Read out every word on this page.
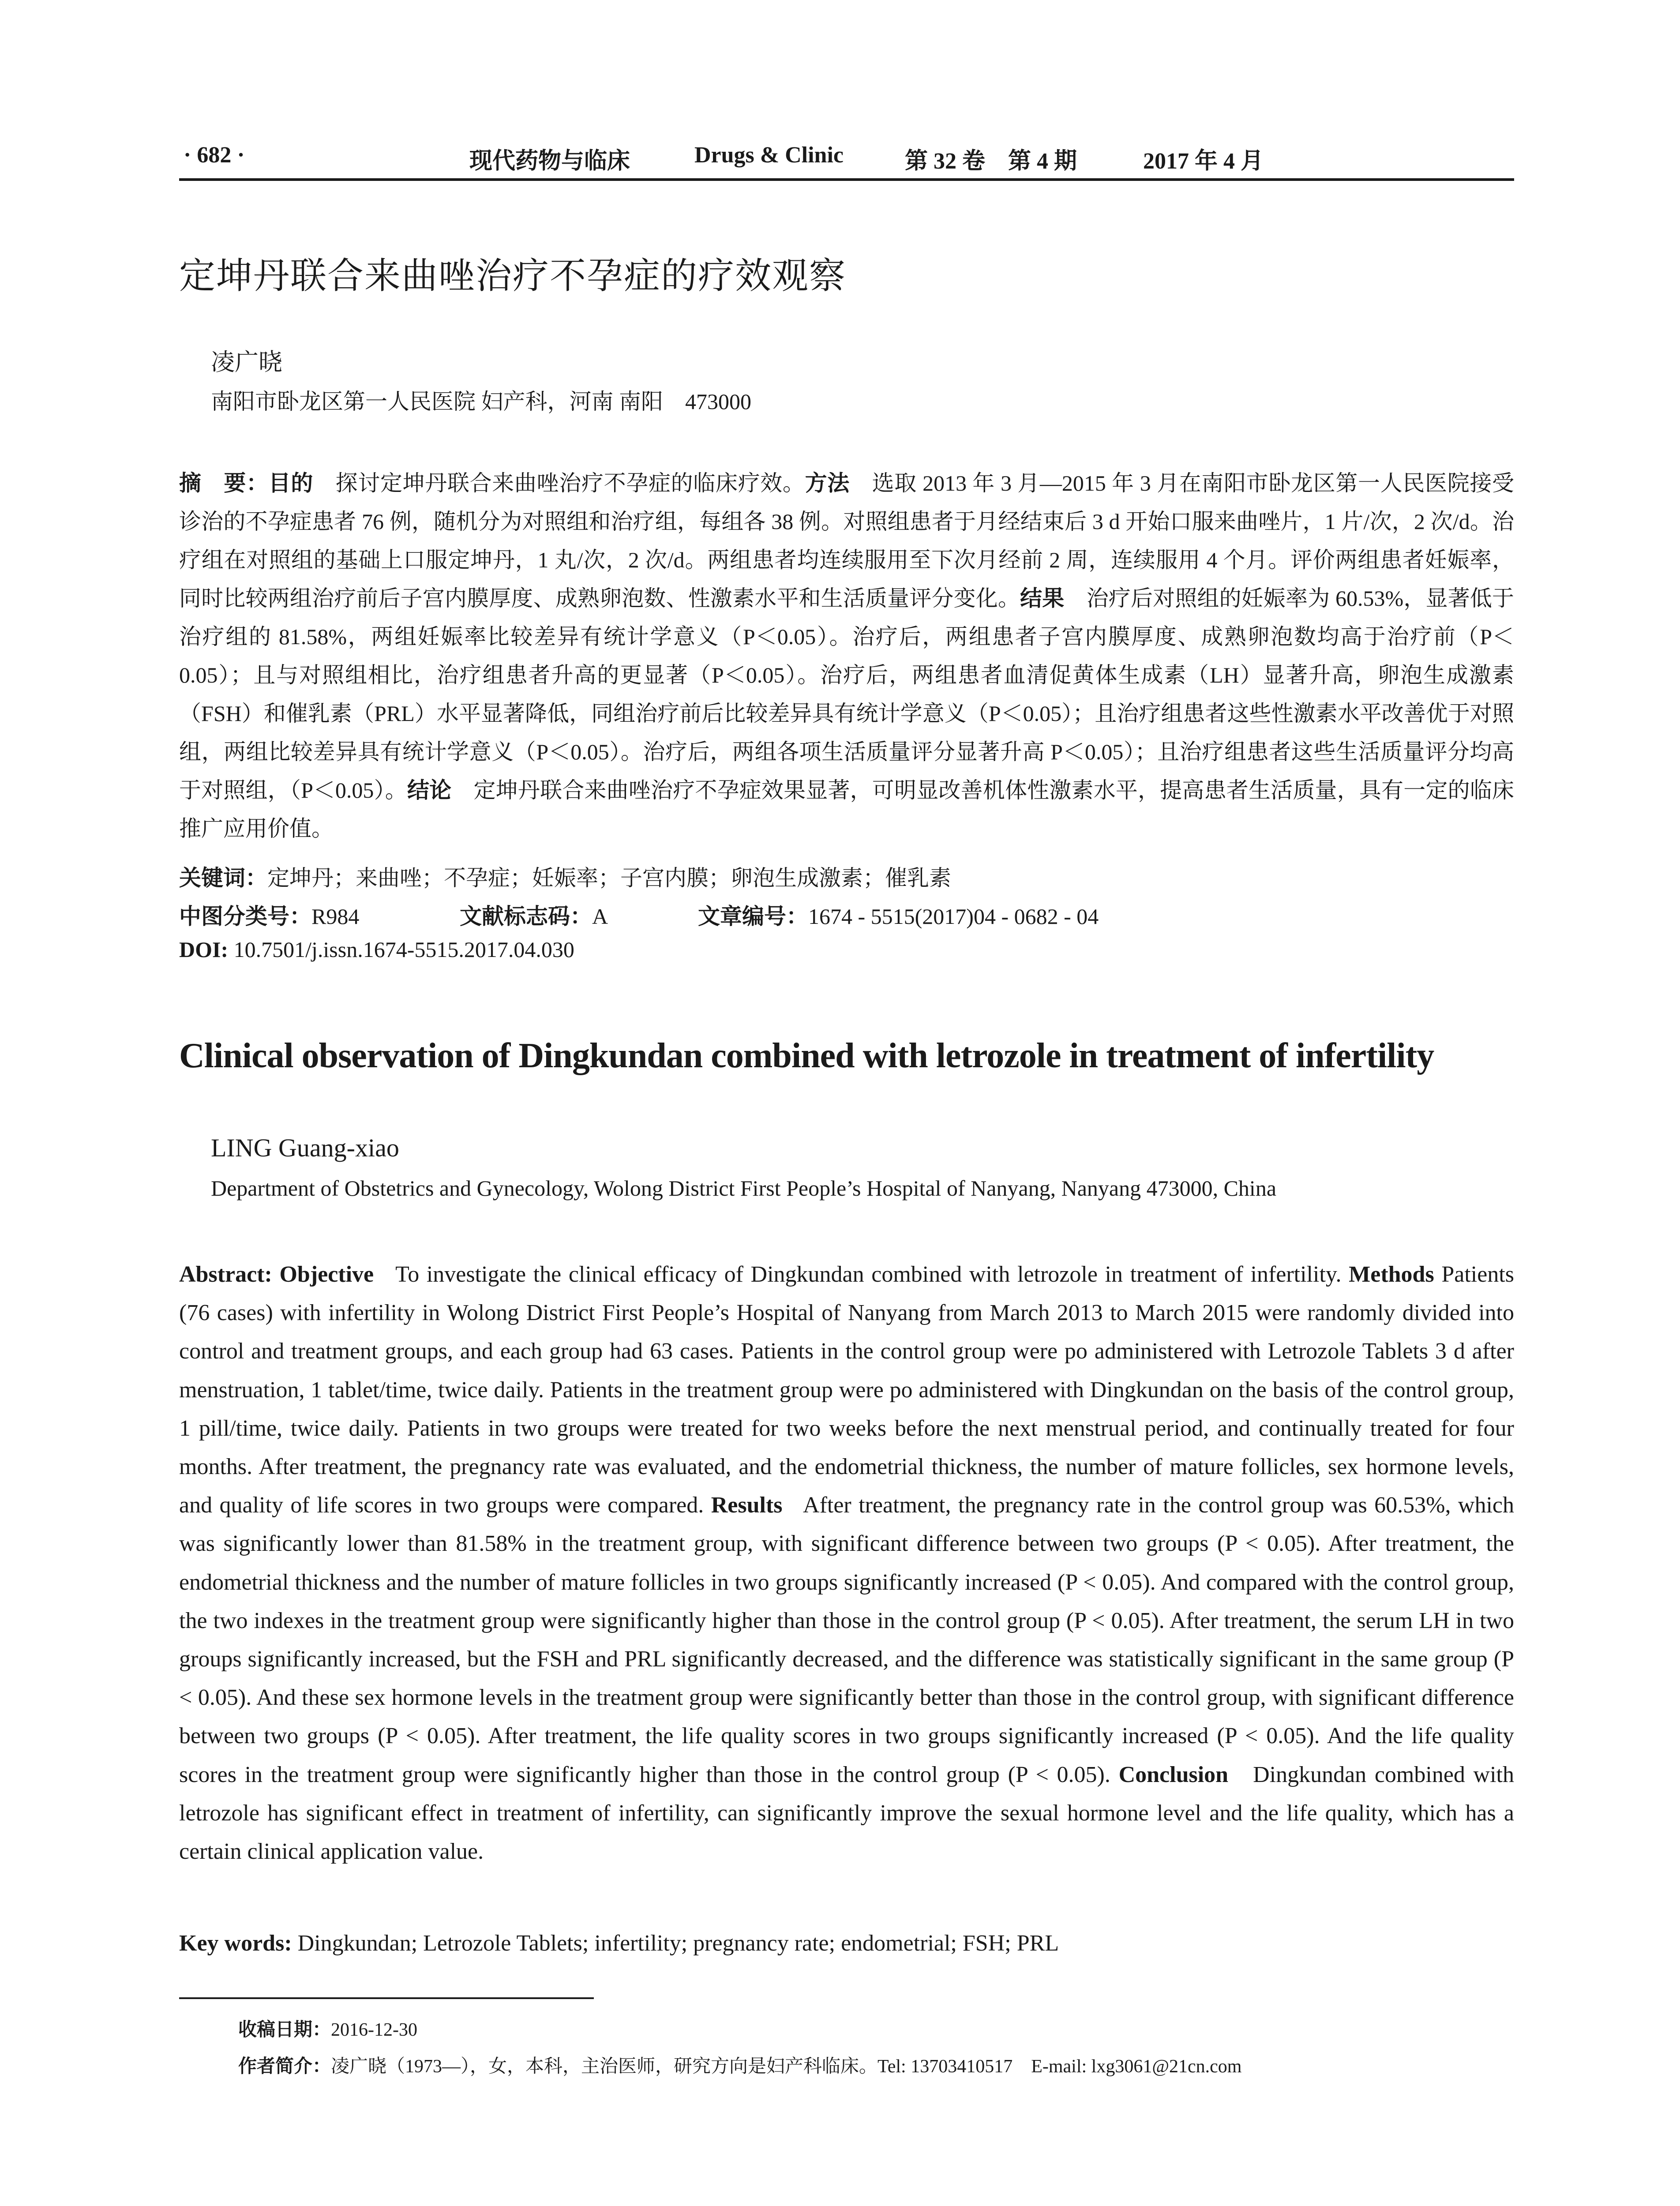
· 682 ·	现代药物与临床	Drugs & Clinic	第 32 卷　第 4 期	2017 年 4 月
定坤丹联合来曲唑治疗不孕症的疗效观察
凌广晓
南阳市卧龙区第一人民医院 妇产科，河南 南阳　473000
摘　要：目的　 探讨定坤丹联合来曲唑治疗不孕症的临床疗效。方法　 选取 2013 年 3 月—2015 年 3 月在南阳市卧龙区第一人民医院接受诊治的不孕症患者 76 例，随机分为对照组和治疗组，每组各 38 例。对照组患者于月经结束后 3 d 开始口服来曲唑片，1 片/次，2 次/d。治疗组在对照组的基础上口服定坤丹，1 丸/次，2 次/d。两组患者均连续服用至下次月经前 2 周，连续服用 4 个月。评价两组患者妊娠率，同时比较两组治疗前后子宫内膜厚度、成熟卵泡数、性激素水平和生活质量评分变化。结果　 治疗后对照组的妊娠率为 60.53%，显著低于治疗组的 81.58%，两组妊娠率比较差异有统计学意义（P＜0.05）。治疗后，两组患者子宫内膜厚度、成熟卵泡数均高于治疗前（P＜0.05）；且与对照组相比，治疗组患者升高的更显著（P＜0.05）。治疗后，两组患者血清促黄体生成素（LH）显著升高，卵泡生成激素（FSH）和催乳素（PRL）水平显著降低，同组治疗前后比较差异具有统计学意义（P＜0.05）；且治疗组患者这些性激素水平改善优于对照组，两组比较差异具有统计学意义（P＜0.05）。治疗后，两组各项生活质量评分显著升高 P＜0.05）；且治疗组患者这些生活质量评分均高于对照组，（P＜0.05）。结论　 定坤丹联合来曲唑治疗不孕症效果显著，可明显改善机体性激素水平，提高患者生活质量，具有一定的临床推广应用价值。
关键词：定坤丹；来曲唑；不孕症；妊娠率；子宫内膜；卵泡生成激素；催乳素
中图分类号：R984	文献标志码：A	文章编号：1674 - 5515(2017)04 - 0682 - 04
DOI: 10.7501/j.issn.1674-5515.2017.04.030
Clinical observation of Dingkundan combined with letrozole in treatment of infertility
LING Guang-xiao
Department of Obstetrics and Gynecology, Wolong District First People’s Hospital of Nanyang, Nanyang 473000, China
Abstract: Objective To investigate the clinical efficacy of Dingkundan combined with letrozole in treatment of infertility. Methods Patients (76 cases) with infertility in Wolong District First People’s Hospital of Nanyang from March 2013 to March 2015 were randomly divided into control and treatment groups, and each group had 63 cases. Patients in the control group were po administered with Letrozole Tablets 3 d after menstruation, 1 tablet/time, twice daily. Patients in the treatment group were po administered with Dingkundan on the basis of the control group, 1 pill/time, twice daily. Patients in two groups were treated for two weeks before the next menstrual period, and continually treated for four months. After treatment, the pregnancy rate was evaluated, and the endometrial thickness, the number of mature follicles, sex hormone levels, and quality of life scores in two groups were compared. Results After treatment, the pregnancy rate in the control group was 60.53%, which was significantly lower than 81.58% in the treatment group, with significant difference between two groups (P < 0.05). After treatment, the endometrial thickness and the number of mature follicles in two groups significantly increased (P < 0.05). And compared with the control group, the two indexes in the treatment group were significantly higher than those in the control group (P < 0.05). After treatment, the serum LH in two groups significantly increased, but the FSH and PRL significantly decreased, and the difference was statistically significant in the same group (P < 0.05). And these sex hormone levels in the treatment group were significantly better than those in the control group, with significant difference between two groups (P < 0.05). After treatment, the life quality scores in two groups significantly increased (P < 0.05). And the life quality scores in the treatment group were significantly higher than those in the control group (P < 0.05). Conclusion Dingkundan combined with letrozole has significant effect in treatment of infertility, can significantly improve the sexual hormone level and the life quality, which has a certain clinical application value.
Key words: Dingkundan; Letrozole Tablets; infertility; pregnancy rate; endometrial; FSH; PRL
收稿日期：2016-12-30
作者简介：凌广晓（1973—），女，本科，主治医师，研究方向是妇产科临床。Tel: 13703410517　E-mail: lxg3061@21cn.com
